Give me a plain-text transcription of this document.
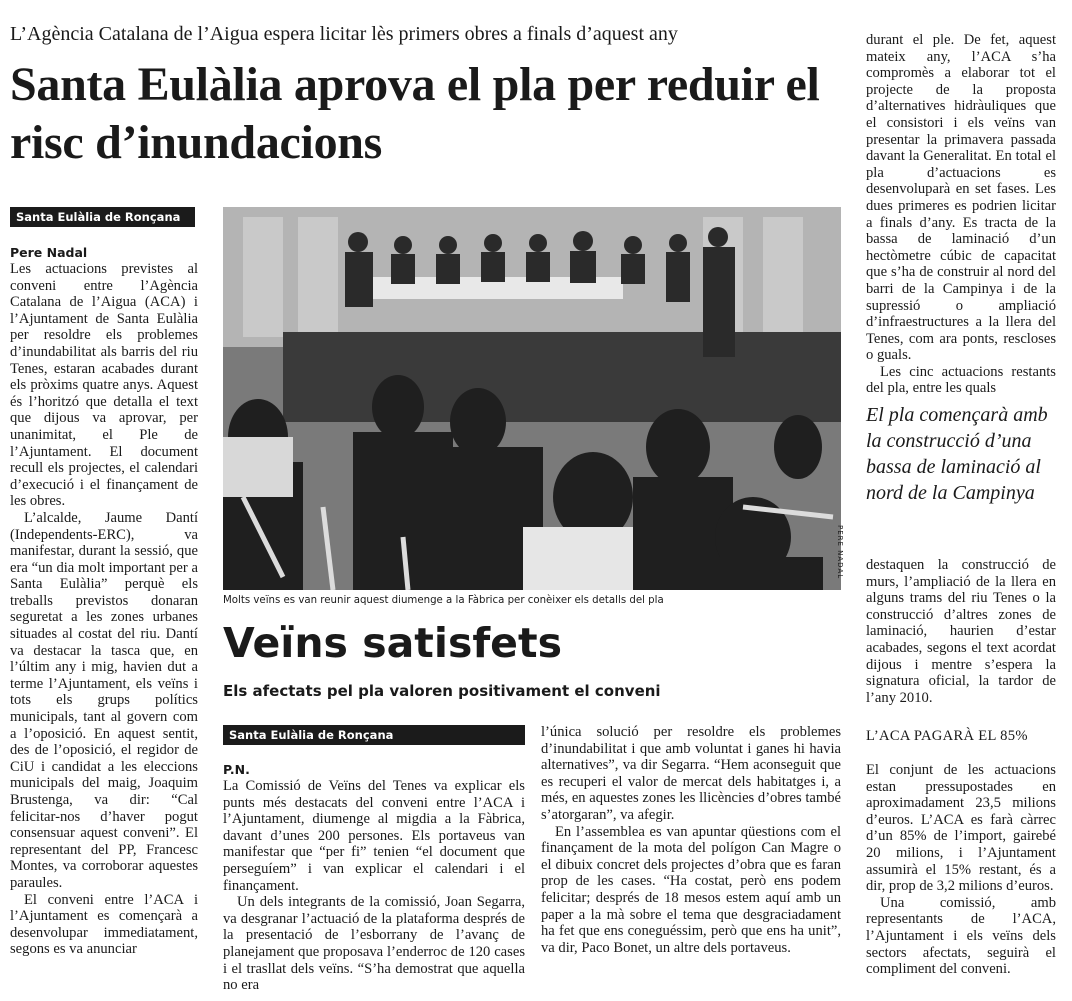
L’Agència Catalana de l’Aigua espera licitar lès primers obres a finals d’aquest any
Santa Eulàlia aprova el pla per reduir el risc d’inundacions
Santa Eulàlia de Ronçana
Pere Nadal

Les actuacions previstes al conveni entre l’Agència Catalana de l’Aigua (ACA) i l’Ajuntament de Santa Eulàlia per resoldre els problemes d’inundabilitat als barris del riu Tenes, estaran acabades durant els pròxims quatre anys. Aquest és l’horitzó que detalla el text que dijous va aprovar, per unanimitat, el Ple de l’Ajuntament. El document recull els projectes, el calendari d’execució i el finançament de les obres.

L’alcalde, Jaume Dantí (Independents-ERC), va manifestar, durant la sessió, que era “un dia molt important per a Santa Eulàlia” perquè els treballs previstos donaran seguretat a les zones urbanes situades al costat del riu. Dantí va destacar la tasca que, en l’últim any i mig, havien dut a terme l’Ajuntament, els veïns i tots els grups polítics municipals, tant al govern com a l’oposició. En aquest sentit, des de l’oposició, el regidor de CiU i candidat a les eleccions municipals del maig, Joaquim Brustenga, va dir: “Cal felicitar-nos d’haver pogut consensuar aquest conveni”. El representant del PP, Francesc Montes, va corroborar aquestes paraules.

El conveni entre l’ACA i l’Ajuntament es començarà a desenvolupar immediatament, segons es va anunciar

PERE NADAL
Molts veïns es van reunir aquest diumenge a la Fàbrica per conèixer els detalls del pla
Veïns satisfets
Els afectats pel pla valoren positivament el conveni
Santa Eulàlia de Ronçana
P.N.

La Comissió de Veïns del Tenes va explicar els punts més destacats del conveni entre l’ACA i l’Ajuntament, diumenge al migdia a la Fàbrica, davant d’unes 200 persones. Els portaveus van manifestar que “per fi” tenien “el document que perseguíem” i van explicar el calendari i el finançament.

Un dels integrants de la comissió, Joan Segarra, va desgranar l’actuació de la plataforma després de la presentació de l’esborrany de l’avanç de planejament que proposava l’enderroc de 120 cases i el trasllat dels veïns. “S’ha demostrat que aquella no era

l’única solució per resoldre els problemes d’inundabilitat i que amb voluntat i ganes hi havia alternatives”, va dir Segarra. “Hem aconseguit que es recuperi el valor de mercat dels habitatges i, a més, en aquestes zones les llicències d’obres també s’atorgaran”, va afegir.

En l’assemblea es van apuntar qüestions com el finançament de la mota del polígon Can Magre o el dibuix concret dels projectes d’obra que es faran prop de les cases. “Ha costat, però ens podem felicitar; després de 18 mesos estem aquí amb un paper a la mà sobre el tema que desgraciadament ha fet que ens coneguéssim, però que ens ha unit”, va dir, Paco Bonet, un altre dels portaveus.

durant el ple. De fet, aquest mateix any, l’ACA s’ha compromès a elaborar tot el projecte de la proposta d’alternatives hidràuliques que el consistori i els veïns van presentar la primavera passada davant la Generalitat. En total el pla d’actuacions es desenvoluparà en set fases. Les dues primeres es podrien licitar a finals d’any. Es tracta de la bassa de laminació d’un hectòmetre cúbic de capacitat que s’ha de construir al nord del barri de la Campinya i de la supressió o ampliació d’infraestructures a la llera del Tenes, com ara ponts, rescloses o guals.

Les cinc actuacions restants del pla, entre les quals

El pla començarà amb la construcció d’una bassa de laminació al nord de la Campinya

destaquen la construcció de murs, l’ampliació de la llera en alguns trams del riu Tenes o la construcció d’altres zones de laminació, haurien d’estar acabades, segons el text acordat dijous i mentre s’espera la signatura oficial, la tardor de l’any 2010.

L’ACA PAGARÀ EL 85%

El conjunt de les actuacions estan pressupostades en aproximadament 23,5 milions d’euros. L’ACA es farà càrrec d’un 85% de l’import, gairebé 20 milions, i l’Ajuntament assumirà el 15% restant, és a dir, prop de 3,2 milions d’euros.

Una comissió, amb representants de l’ACA, l’Ajuntament i els veïns dels sectors afectats, seguirà el compliment del conveni.
